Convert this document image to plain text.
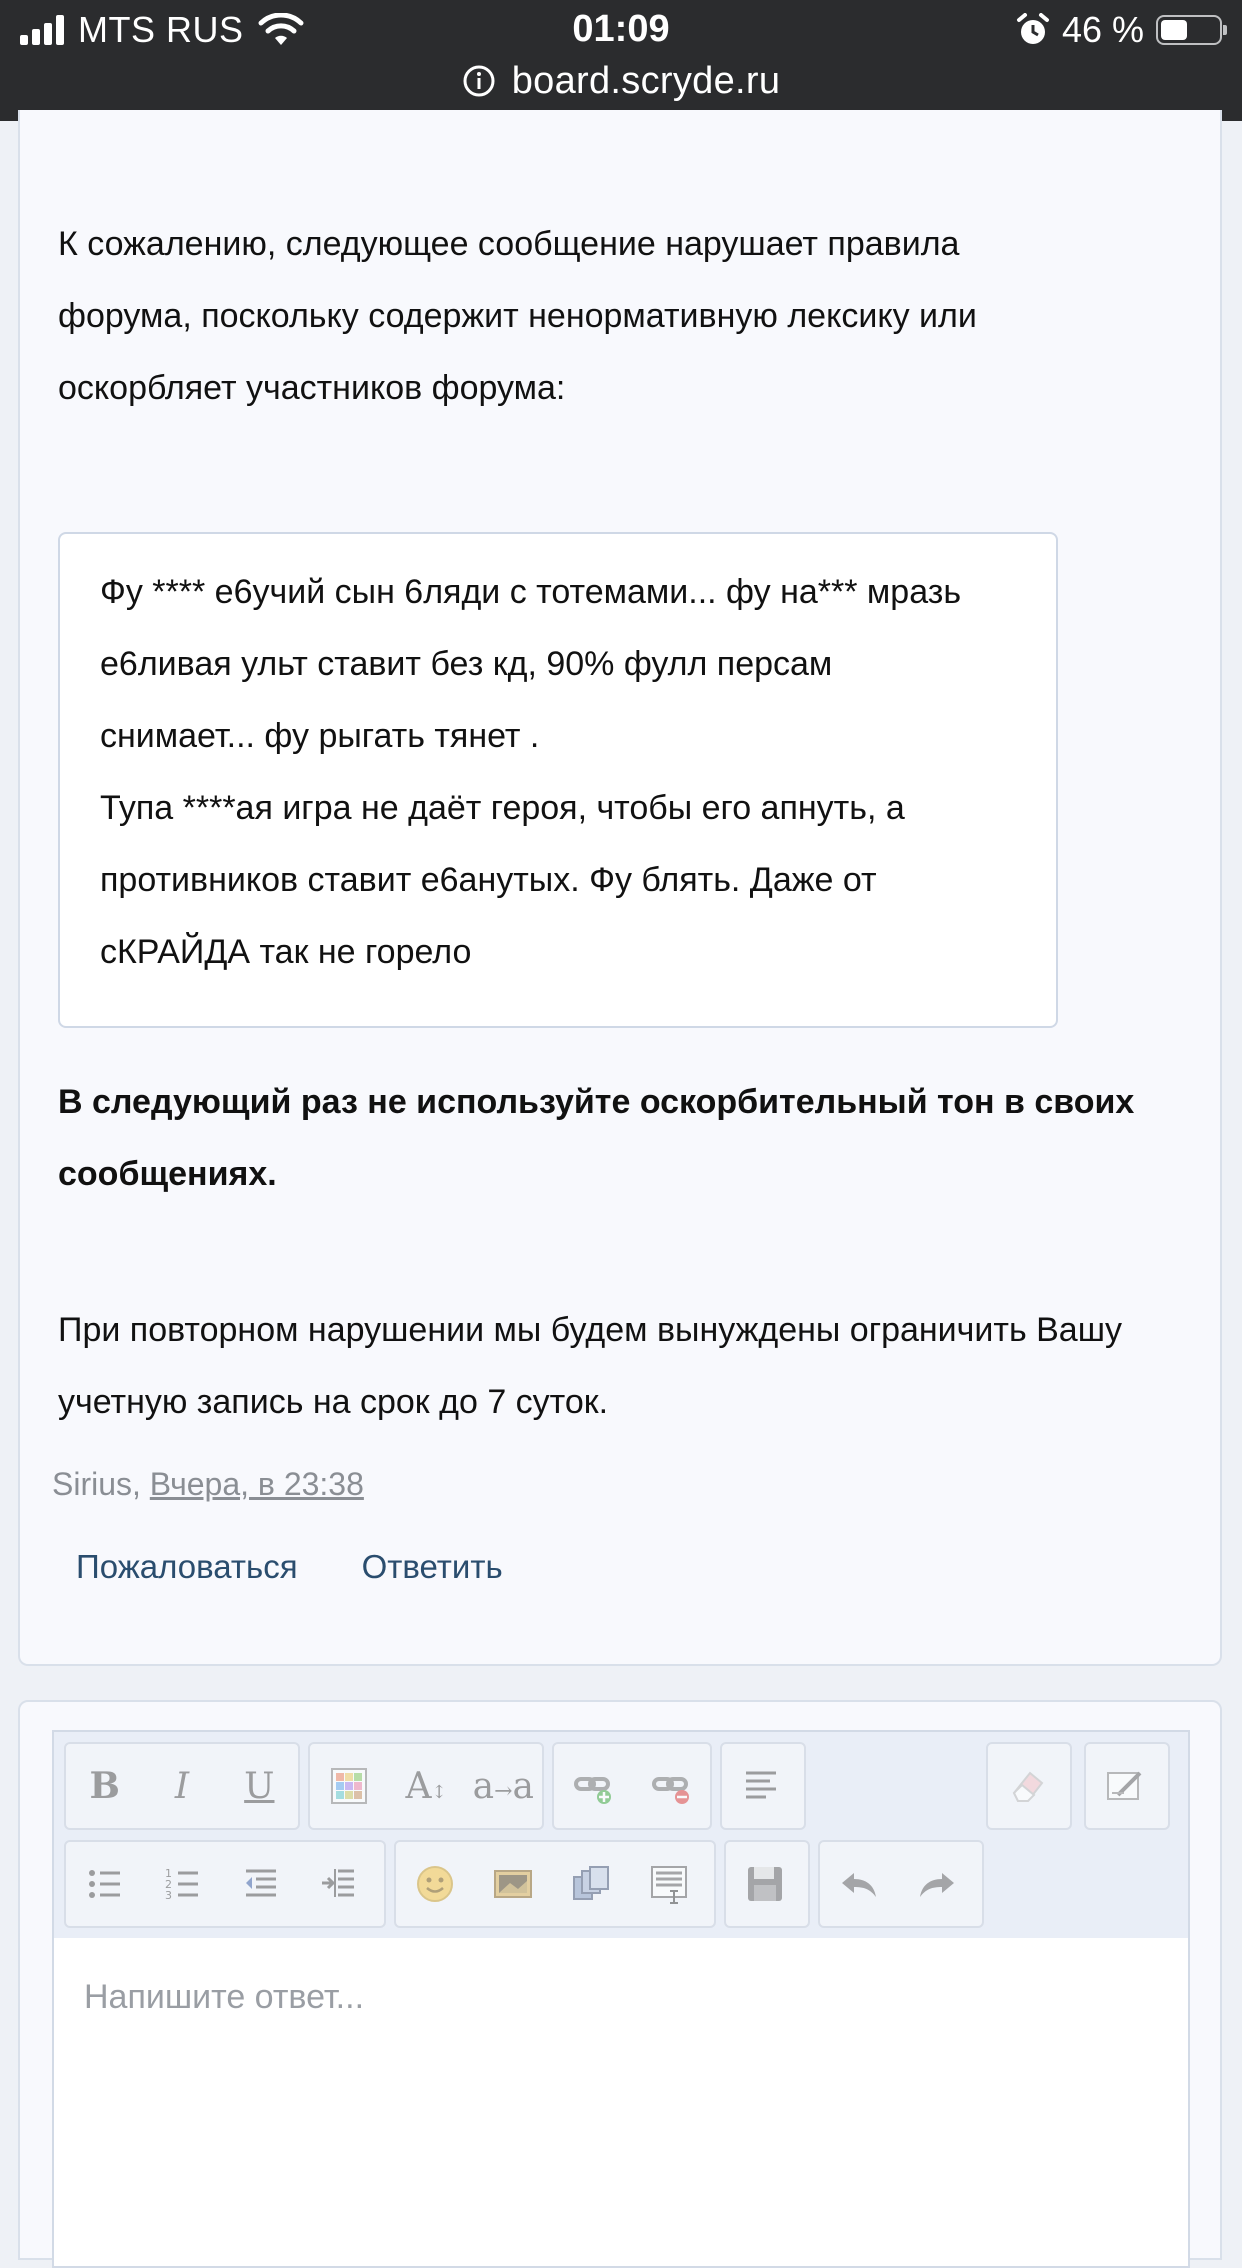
MTS RUS	01:09	46 %
board.scryde.ru
К сожалению, следующее сообщение нарушает правила форума, поскольку содержит ненормативную лексику или оскорбляет участников форума:
Фу **** е6учий сын 6ляди с тотемами... фу на*** мразь
е6ливая ульт ставит без кд, 90% фулл персам
снимает... фу рыгать тянет .
Тупа ****ая игра не даёт героя, чтобы его апнуть, а
противников ставит е6анутых. Фу блять. Даже от
сКРАЙДА так не горело
В следующий раз не используйте оскорбительный тон в своих сообщениях.
При повторном нарушении мы будем вынуждены ограничить Вашу учетную запись на срок до 7 суток.
Sirius, Вчера, в 23:38
Пожаловаться Ответить
B I U	A↕ a→a
1
2
3
Напишите ответ...
